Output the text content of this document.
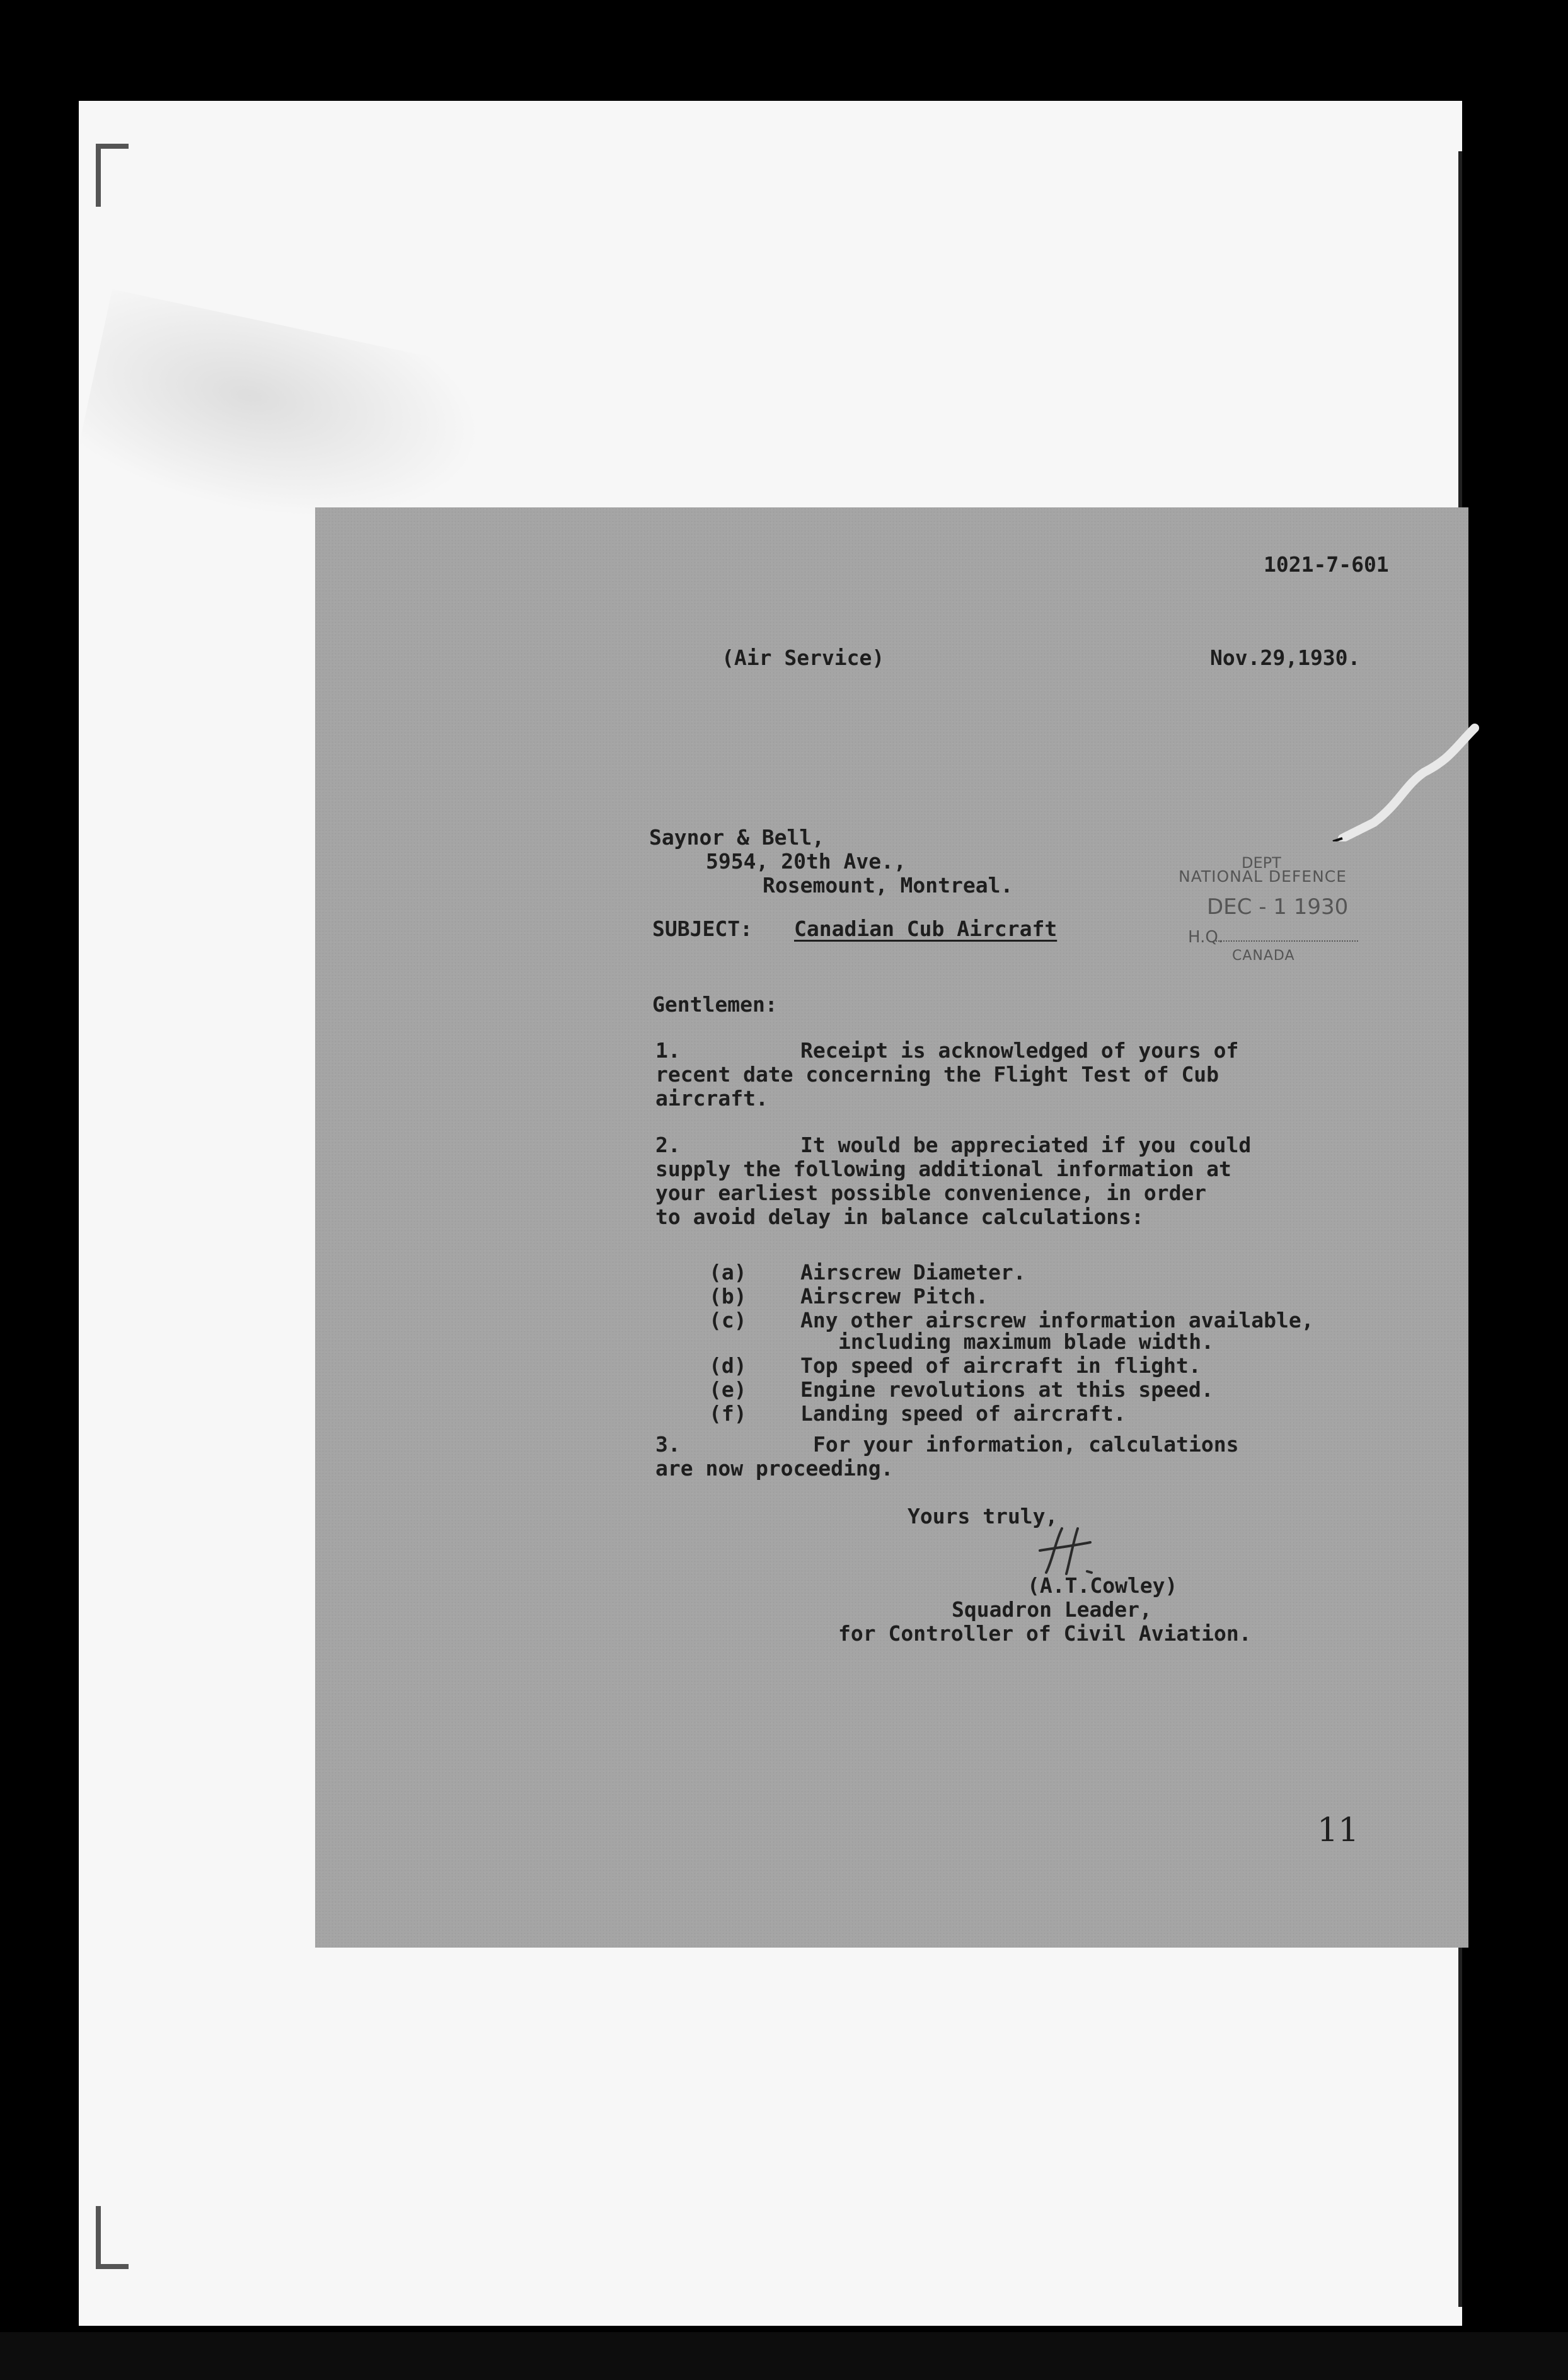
1021-7-601
(Air Service)	Nov.29,1930.
Saynor & Bell,
5954, 20th Ave.,
Rosemount, Montreal.
SUBJECT: Canadian Cub Aircraft
DEPT
NATIONAL DEFENCE
DEC - 1 1930
H.Q.
CANADA
Gentlemen:
1.	Receipt is acknowledged of yours of
recent date concerning the Flight Test of Cub
aircraft.
2.	It would be appreciated if you could
supply the following additional information at
your earliest possible convenience, in order
to avoid delay in balance calculations:
(a)	Airscrew Diameter.
(b)	Airscrew Pitch.
(c)	Any other airscrew information available,
including maximum blade width.
(d)	Top speed of aircraft in flight.
(e)	Engine revolutions at this speed.
(f)	Landing speed of aircraft.
3.	For your information, calculations
are now proceeding.
Yours truly,
(A.T.Cowley)
Squadron Leader,
for Controller of Civil Aviation.
11
